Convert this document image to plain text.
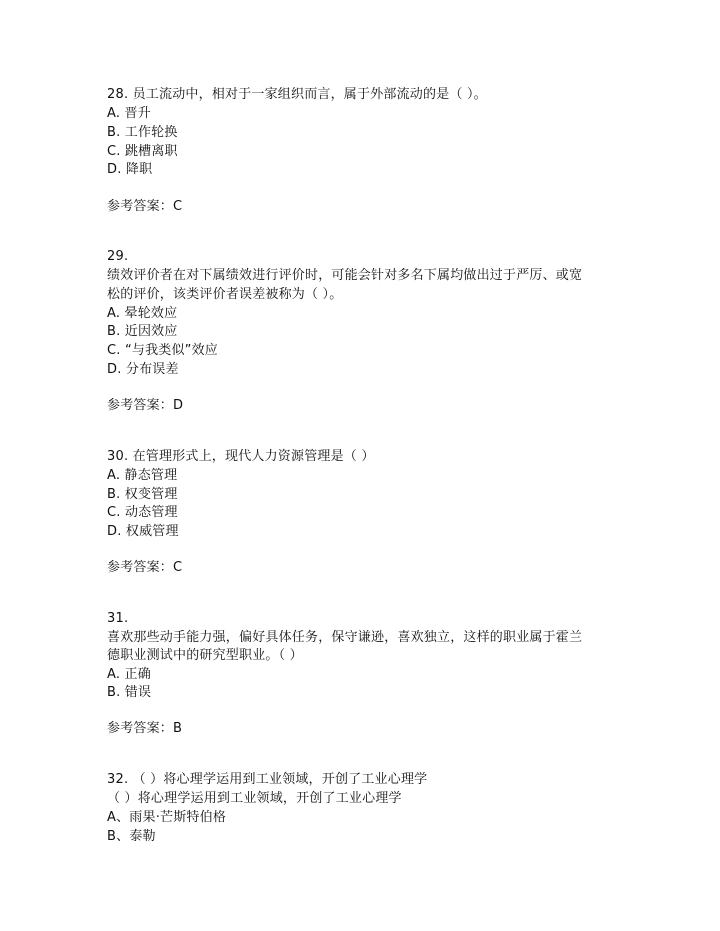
28. 员工流动中，相对于一家组织而言，属于外部流动的是（ ）。
A. 晋升
B. 工作轮换
C. 跳槽离职
D. 降职
参考答案：C
29.
绩效评价者在对下属绩效进行评价时，可能会针对多名下属均做出过于严厉、或宽
松的评价，该类评价者误差被称为（ ）。
A. 晕轮效应
B. 近因效应
C. “与我类似”效应
D. 分布误差
参考答案：D
30. 在管理形式上，现代人力资源管理是（ ）
A. 静态管理
B. 权变管理
C. 动态管理
D. 权威管理
参考答案：C
31.
喜欢那些动手能力强，偏好具体任务，保守谦逊，喜欢独立，这样的职业属于霍兰
德职业测试中的研究型职业。（ ）
A. 正确
B. 错误
参考答案：B
32. （ ）将心理学运用到工业领域，开创了工业心理学
（ ）将心理学运用到工业领域，开创了工业心理学
A、雨果·芒斯特伯格
B、泰勒
